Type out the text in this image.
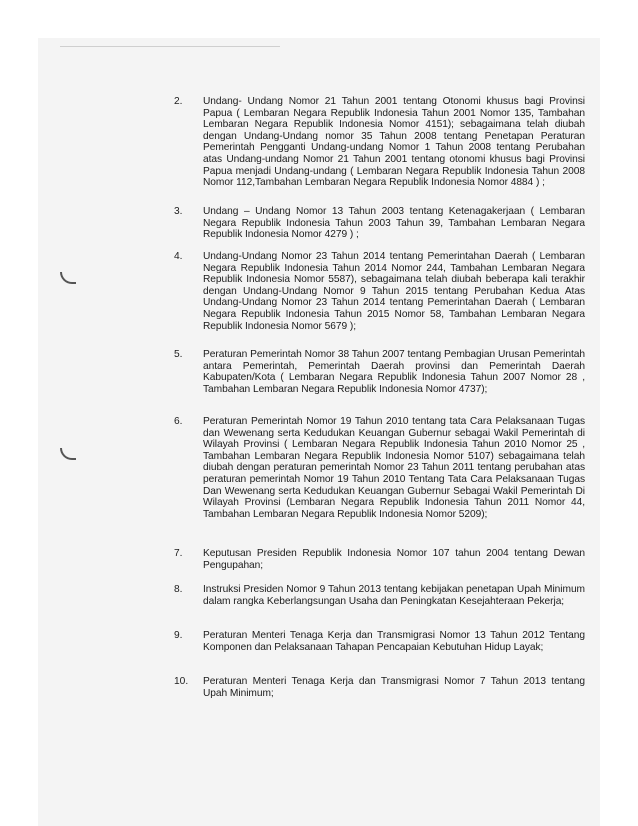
2. Undang- Undang Nomor 21 Tahun 2001 tentang Otonomi khusus bagi Provinsi Papua ( Lembaran Negara Republik Indonesia Tahun 2001 Nomor 135, Tambahan Lembaran Negara Republik Indonesia Nomor 4151); sebagaimana telah diubah dengan Undang-Undang nomor 35 Tahun 2008 tentang Penetapan Peraturan Pemerintah Pengganti Undang-undang Nomor 1 Tahun 2008 tentang Perubahan atas Undang-undang Nomor 21 Tahun 2001 tentang otonomi khusus bagi Provinsi Papua menjadi Undang-undang ( Lembaran Negara Republik Indonesia Tahun 2008 Nomor 112,Tambahan Lembaran Negara Republik Indonesia Nomor 4884 ) ;
3. Undang – Undang Nomor 13 Tahun 2003 tentang Ketenagakerjaan ( Lembaran Negara Republik Indonesia Tahun 2003 Tahun 39, Tambahan Lembaran Negara Republik Indonesia Nomor 4279 ) ;
4. Undang-Undang Nomor 23 Tahun 2014 tentang Pemerintahan Daerah ( Lembaran Negara Republik Indonesia Tahun 2014 Nomor 244, Tambahan Lembaran Negara Republik Indonesia Nomor 5587), sebagaimana telah diubah beberapa kali terakhir dengan Undang-Undang Nomor 9 Tahun 2015 tentang Perubahan Kedua Atas Undang-Undang Nomor 23 Tahun 2014 tentang Pemerintahan Daerah ( Lembaran Negara Republik Indonesia Tahun 2015 Nomor 58, Tambahan Lembaran Negara Republik Indonesia Nomor 5679 );
5. Peraturan Pemerintah Nomor 38 Tahun 2007 tentang Pembagian Urusan Pemerintah antara Pemerintah, Pemerintah Daerah provinsi dan Pemerintah Daerah Kabupaten/Kota ( Lembaran Negara Republik Indonesia Tahun 2007 Nomor 28 , Tambahan Lembaran Negara Republik Indonesia Nomor 4737);
6. Peraturan Pemerintah Nomor 19 Tahun 2010 tentang tata Cara Pelaksanaan Tugas dan Wewenang serta Kedudukan Keuangan Gubernur sebagai Wakil Pemerintah di Wilayah Provinsi ( Lembaran Negara Republik Indonesia Tahun 2010 Nomor 25 , Tambahan Lembaran Negara Republik Indonesia Nomor 5107) sebagaimana telah diubah dengan peraturan pemerintah Nomor 23 Tahun 2011 tentang perubahan atas peraturan pemerintah Nomor 19 Tahun 2010 Tentang Tata Cara Pelaksanaan Tugas Dan Wewenang serta Kedudukan Keuangan Gubernur Sebagai Wakil Pemerintah Di Wilayah Provinsi (Lembaran Negara Republik Indonesia Tahun 2011 Nomor 44, Tambahan Lembaran Negara Republik Indonesia Nomor 5209);
7. Keputusan Presiden Republik Indonesia Nomor 107 tahun 2004 tentang Dewan Pengupahan;
8. Instruksi Presiden Nomor 9 Tahun 2013 tentang kebijakan penetapan Upah Minimum dalam rangka Keberlangsungan Usaha dan Peningkatan Kesejahteraan Pekerja;
9. Peraturan Menteri Tenaga Kerja dan Transmigrasi Nomor 13 Tahun 2012 Tentang Komponen dan Pelaksanaan Tahapan Pencapaian Kebutuhan Hidup Layak;
10. Peraturan Menteri Tenaga Kerja dan Transmigrasi Nomor 7 Tahun 2013 tentang Upah Minimum;
